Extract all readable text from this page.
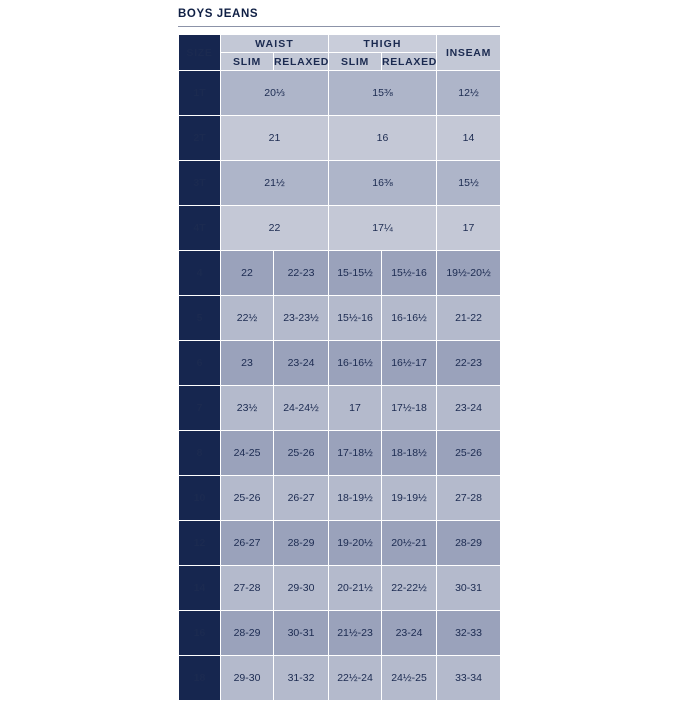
BOYS JEANS
SIZE	WAIST		THIGH		INSEAM
	SLIM	RELAXED	SLIM	RELAXED	
1T	20⅓		15⅜		12½
2T	21		16		14
3T	21½		16⅜		15½
4T	22		17¼		17
4	22	22-23	15-15½	15½-16	19½-20½
5	22½	23-23½	15½-16	16-16½	21-22
6	23	23-24	16-16½	16½-17	22-23
7	23½	24-24½	17	17½-18	23-24
8	24-25	25-26	17-18½	18-18½	25-26
10	25-26	26-27	18-19½	19-19½	27-28
12	26-27	28-29	19-20½	20½-21	28-29
14	27-28	29-30	20-21½	22-22½	30-31
16	28-29	30-31	21½-23	23-24	32-33
18	29-30	31-32	22½-24	24½-25	33-34
